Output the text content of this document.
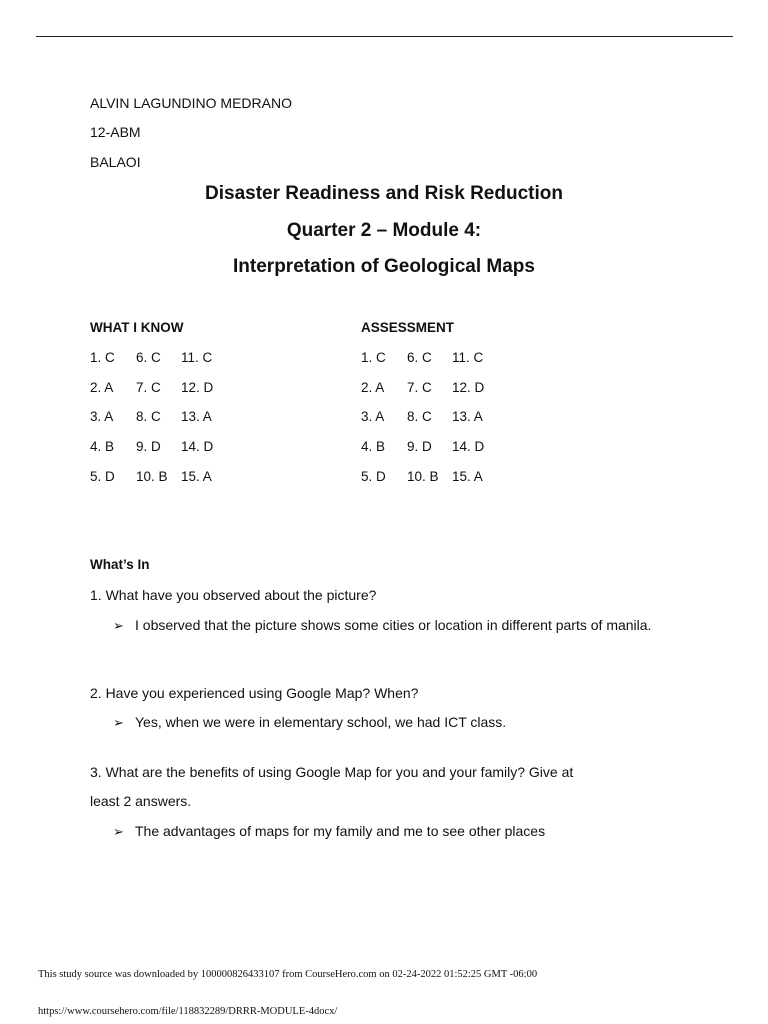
ALVIN LAGUNDINO MEDRANO
12-ABM
BALAOI
Disaster Readiness and Risk Reduction
Quarter 2 – Module 4:
Interpretation of Geological Maps
WHAT I KNOW	ASSESSMENT
1. C 6. C 11. C
2. A 7. C 12. D
3. A 8. C 13. A
4. B 9. D 14. D
5. D 10. B 15. A
1. C 6. C 11. C
2. A 7. C 12. D
3. A 8. C 13. A
4. B 9. D 14. D
5. D 10. B 15. A
What’s In
1. What have you observed about the picture?
➢ I observed that the picture shows some cities or location in different parts of manila.
2. Have you experienced using Google Map? When?
➢ Yes, when we were in elementary school, we had ICT class.
3. What are the benefits of using Google Map for you and your family? Give at
least 2 answers.
➢ The advantages of maps for my family and me to see other places
This study source was downloaded by 100000826433107 from CourseHero.com on 02-24-2022 01:52:25 GMT -06:00
https://www.coursehero.com/file/118832289/DRRR-MODULE-4docx/
